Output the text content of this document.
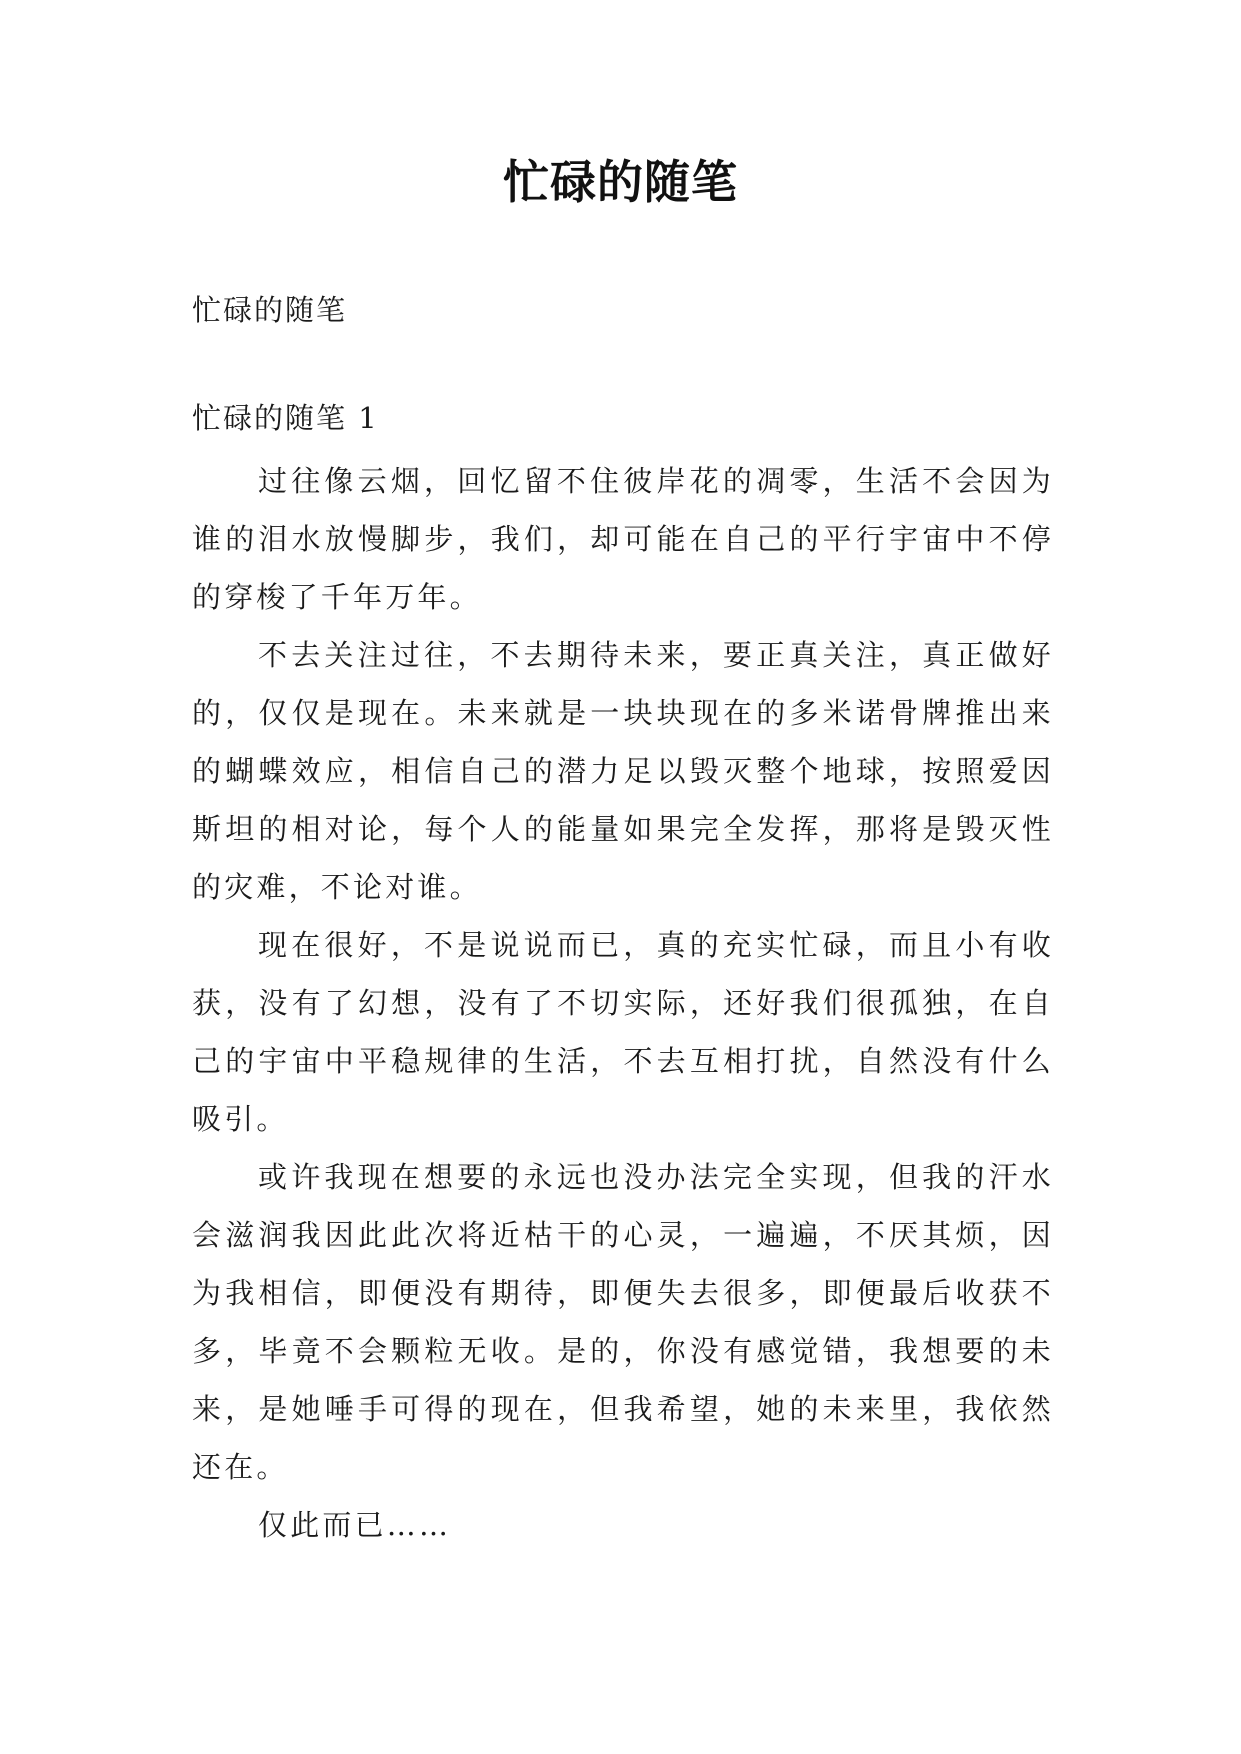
忙碌的随笔

忙碌的随笔

忙碌的随笔 1

过往像云烟，回忆留不住彼岸花的凋零，生活不会因为谁的泪水放慢脚步，我们，却可能在自己的平行宇宙中不停的穿梭了千年万年。

不去关注过往，不去期待未来，要正真关注，真正做好的，仅仅是现在。未来就是一块块现在的多米诺骨牌推出来的蝴蝶效应，相信自己的潜力足以毁灭整个地球，按照爱因斯坦的相对论，每个人的能量如果完全发挥，那将是毁灭性的灾难，不论对谁。

现在很好，不是说说而已，真的充实忙碌，而且小有收获，没有了幻想，没有了不切实际，还好我们很孤独，在自己的宇宙中平稳规律的生活，不去互相打扰，自然没有什么吸引。

或许我现在想要的永远也没办法完全实现，但我的汗水会滋润我因此此次将近枯干的心灵，一遍遍，不厌其烦，因为我相信，即便没有期待，即便失去很多，即便最后收获不多，毕竟不会颗粒无收。是的，你没有感觉错，我想要的未来，是她唾手可得的现在，但我希望，她的未来里，我依然还在。

仅此而已……
